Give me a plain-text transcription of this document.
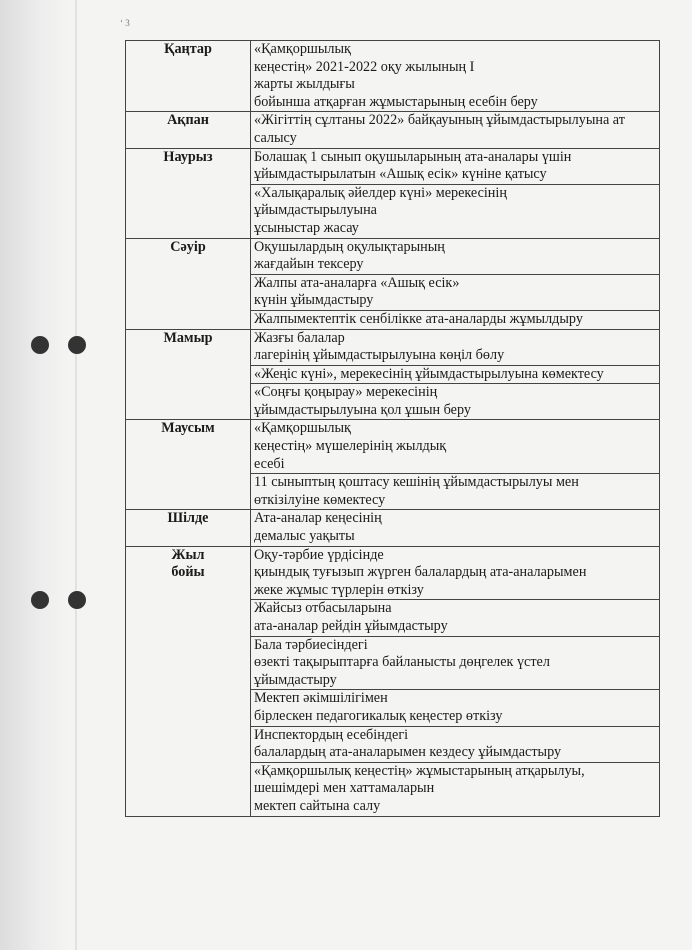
ʻ 3
Қаңтар	«Қамқоршылық
кеңестің» 2021-2022 оқу жылының I
жарты жылдығы
бойынша атқарған жұмыстарының есебін беру
Ақпан	«Жігіттің сұлтаны 2022» байқауының ұйымдастырылуына ат
салысу
Наурыз	Болашақ 1 сынып оқушыларының ата-аналары үшін
ұйымдастырылатын «Ашық есік» күніне қатысу
	«Халықаралық әйелдер күні» мерекесінің
ұйымдастырылуына
ұсыныстар жасау
Сәуір	Оқушылардың оқулықтарының
жағдайын тексеру
	Жалпы ата-аналарға «Ашық есік»
күнін ұйымдастыру
	Жалпымектептік сенбілікке ата-аналарды жұмылдыру
Мамыр	Жазғы балалар
лагерінің ұйымдастырылуына көңіл бөлу
	«Жеңіс күні», мерекесінің ұйымдастырылуына көмектесу
	«Соңғы қоңырау» мерекесінің
ұйымдастырылуына қол ұшын беру
Маусым	«Қамқоршылық
кеңестің» мүшелерінің жылдық
есебі
	11 сыныптың қоштасу кешінің ұйымдастырылуы мен
өткізілуіне көмектесу
Шілде	Ата-аналар кеңесінің
демалыс уақыты
Жыл
бойы	Оқу-тәрбие үрдісінде
қиындық туғызып жүрген балалардың ата-аналарымен
жеке жұмыс түрлерін өткізу
	Жайсыз отбасыларына
ата-аналар рейдін ұйымдастыру
	Бала тәрбиесіндегі
өзекті тақырыптарға байланысты дөңгелек үстел
ұйымдастыру
	Мектеп әкімшілігімен
бірлескен педагогикалық кеңестер өткізу
	Инспектордың есебіндегі
балалардың ата-аналарымен кездесу ұйымдастыру
	«Қамқоршылық кеңестің» жұмыстарының атқарылуы,
шешімдері мен хаттамаларын
мектеп сайтына салу
